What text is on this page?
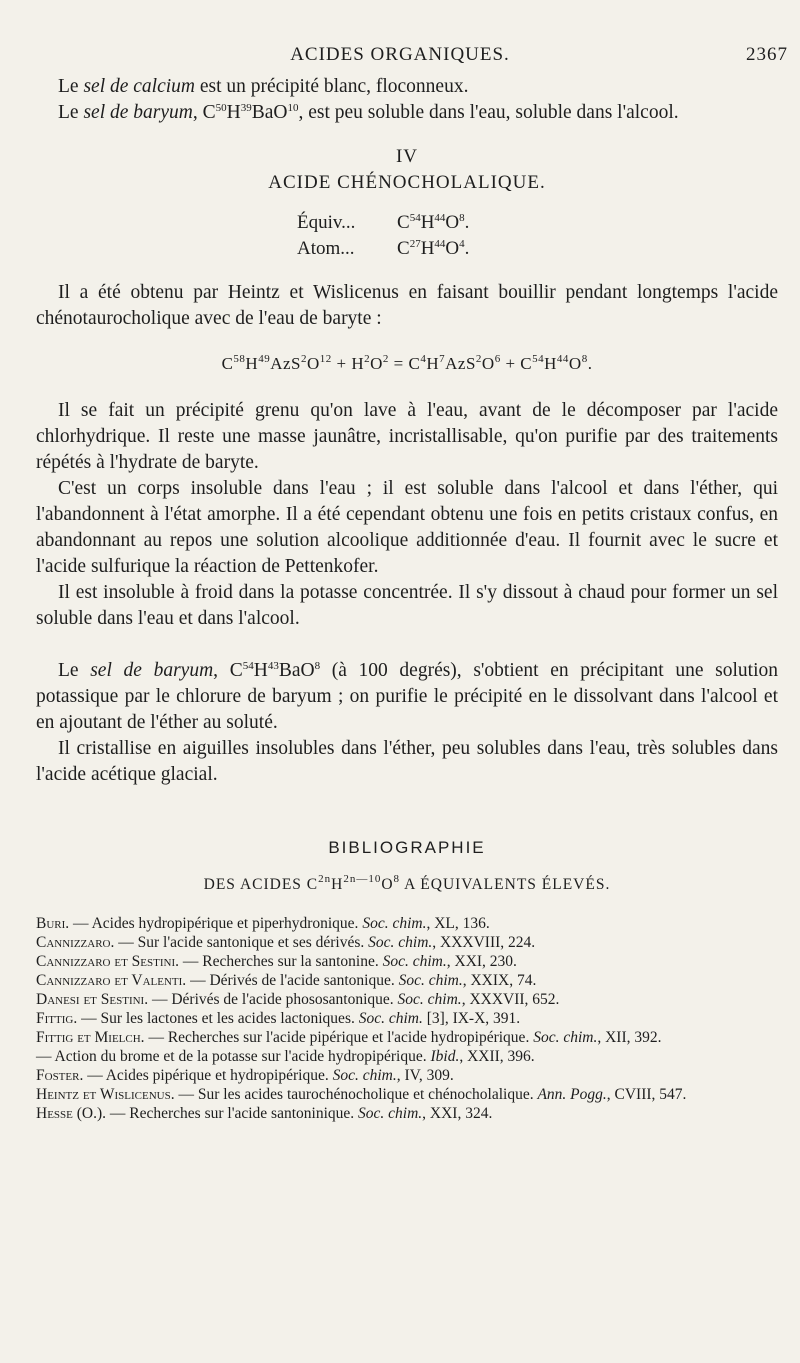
ACIDES ORGANIQUES.	2367

Le sel de calcium est un précipité blanc, floconneux.

Le sel de baryum, $C^{50}H^{39}BaO^{10}$, est peu soluble dans l'eau, soluble dans l'alcool.

IV
ACIDE CHÉNOCHOLALIQUE.
Équiv...	$C^{54}H^{44}O^8$.
Atom...	$C^{27}H^{44}O^4$.

Il a été obtenu par Heintz et Wislicenus en faisant bouillir pendant longtemps l'acide chénotaurocholique avec de l'eau de baryte :

$C^{58}H^{49}AzS^2O^{12} + H^2O^2 = C^4H^7AzS^2O^6 + C^{54}H^{44}O^8$.

Il se fait un précipité grenu qu'on lave à l'eau, avant de le décomposer par l'acide chlorhydrique. Il reste une masse jaunâtre, incristallisable, qu'on purifie par des traitements répétés à l'hydrate de baryte.

C'est un corps insoluble dans l'eau ; il est soluble dans l'alcool et dans l'éther, qui l'abandonnent à l'état amorphe. Il a été cependant obtenu une fois en petits cristaux confus, en abandonnant au repos une solution alcoolique additionnée d'eau. Il fournit avec le sucre et l'acide sulfurique la réaction de Pettenkofer.

Il est insoluble à froid dans la potasse concentrée. Il s'y dissout à chaud pour former un sel soluble dans l'eau et dans l'alcool.

Le sel de baryum, $C^{54}H^{43}BaO^8$ (à 100 degrés), s'obtient en précipitant une solution potassique par le chlorure de baryum ; on purifie le précipité en le dissolvant dans l'alcool et en ajoutant de l'éther au soluté.

Il cristallise en aiguilles insolubles dans l'éther, peu solubles dans l'eau, très solubles dans l'acide acétique glacial.

BIBLIOGRAPHIE
DES ACIDES $C^{2n}H^{2n—10}O^8$ A ÉQUIVALENTS ÉLEVÉS.

Buri. — Acides hydropipérique et piperhydronique. Soc. chim., XL, 136.

Cannizzaro. — Sur l'acide santonique et ses dérivés. Soc. chim., XXXVIII, 224.

Cannizzaro et Sestini. — Recherches sur la santonine. Soc. chim., XXI, 230.

Cannizzaro et Valenti. — Dérivés de l'acide santonique. Soc. chim., XXIX, 74.

Danesi et Sestini. — Dérivés de l'acide phososantonique. Soc. chim., XXXVII, 652.

Fittig. — Sur les lactones et les acides lactoniques. Soc. chim. [3], IX-X, 391.

Fittig et Mielch. — Recherches sur l'acide pipérique et l'acide hydropipérique. Soc. chim., XII, 392.

— Action du brome et de la potasse sur l'acide hydropipérique. Ibid., XXII, 396.

Foster. — Acides pipérique et hydropipérique. Soc. chim., IV, 309.

Heintz et Wislicenus. — Sur les acides taurochénocholique et chénocholalique. Ann. Pogg., CVIII, 547.

Hesse (O.). — Recherches sur l'acide santoninique. Soc. chim., XXI, 324.
